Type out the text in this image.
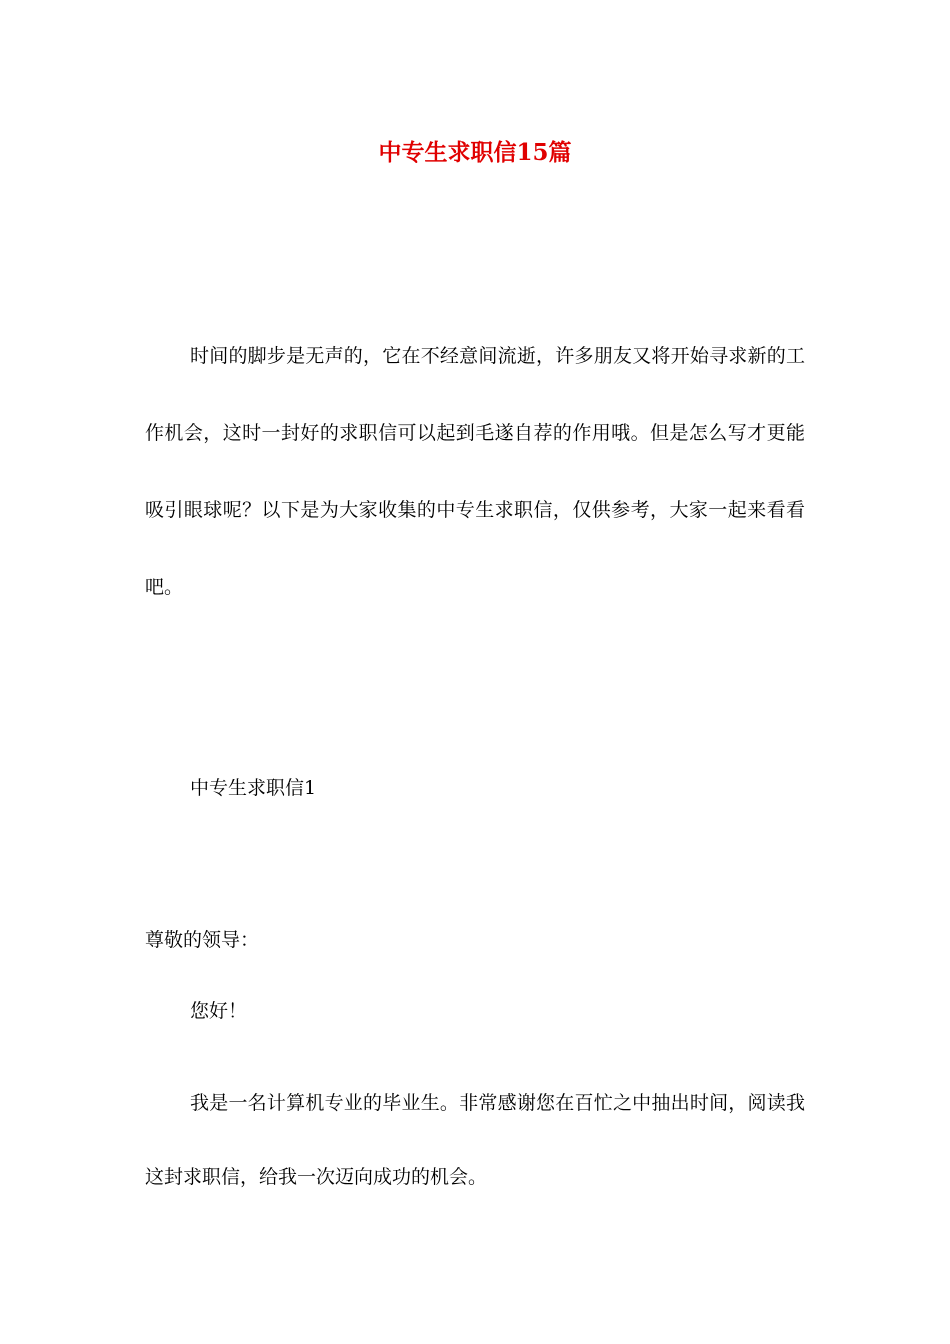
中专生求职信15篇

时间的脚步是无声的，它在不经意间流逝，许多朋友又将开始寻求新的工作机会，这时一封好的求职信可以起到毛遂自荐的作用哦。但是怎么写才更能吸引眼球呢？以下是为大家收集的中专生求职信，仅供参考，大家一起来看看吧。

中专生求职信1

尊敬的领导：

您好！

我是一名计算机专业的毕业生。非常感谢您在百忙之中抽出时间，阅读我这封求职信，给我一次迈向成功的机会。
